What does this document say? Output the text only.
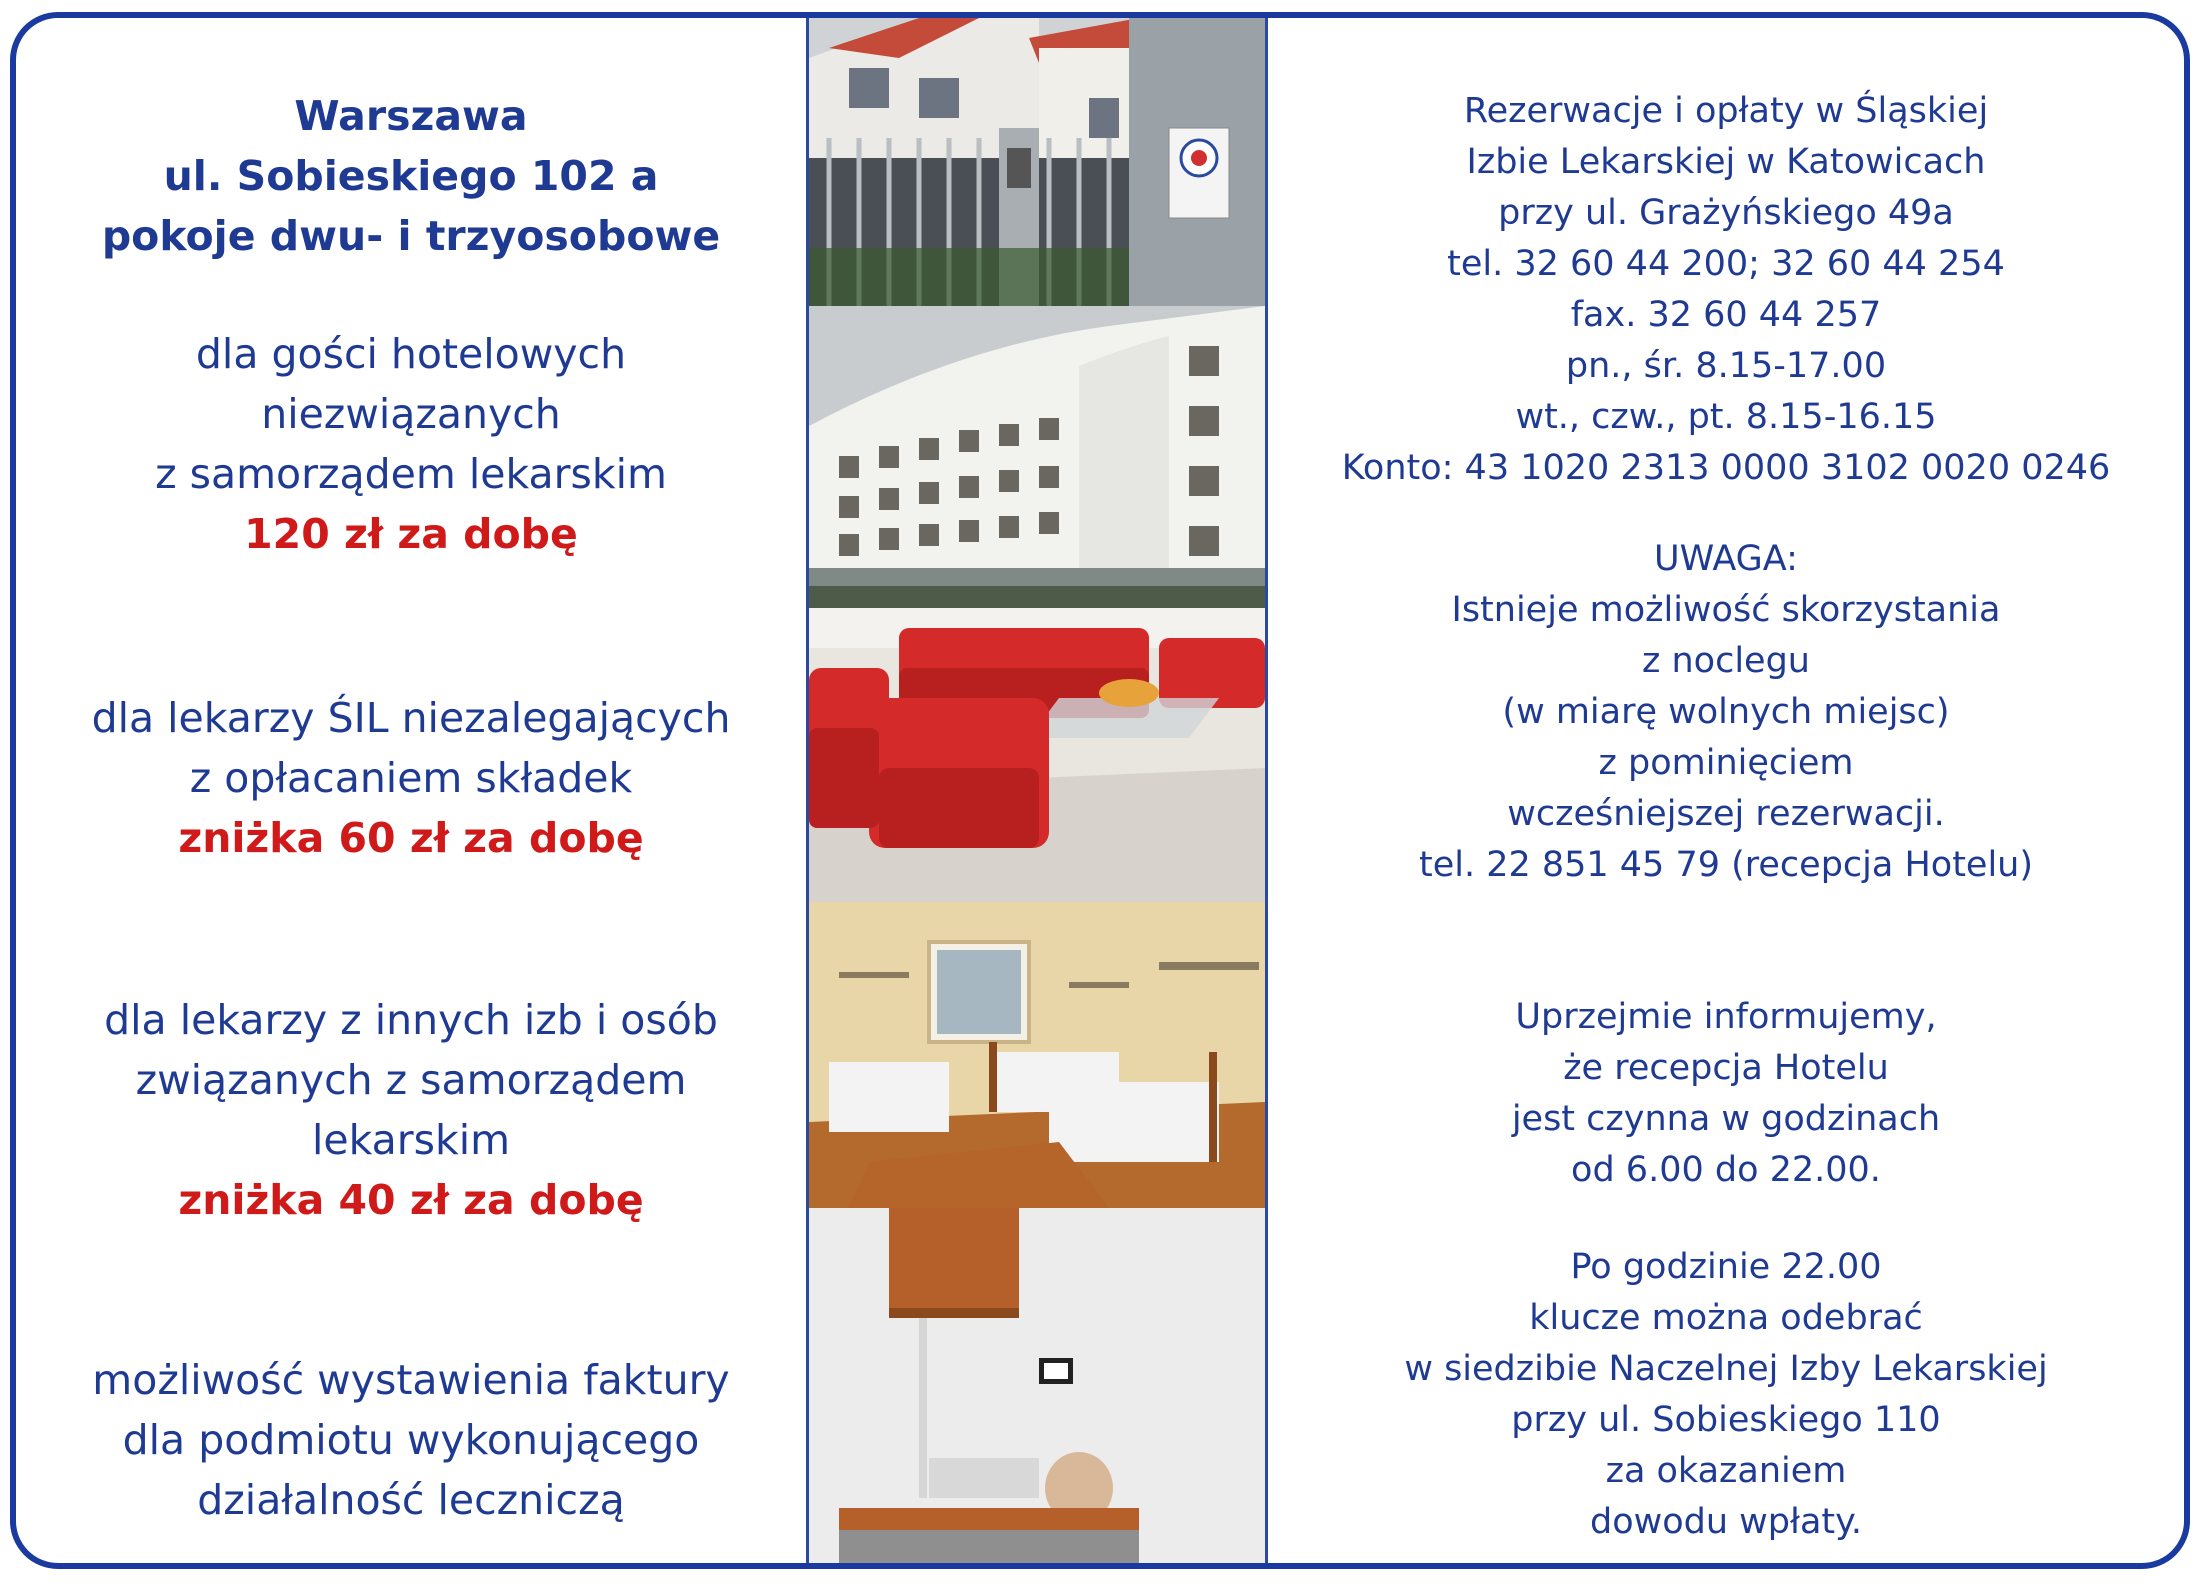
Warszawa
ul. Sobieskiego 102 a
pokoje dwu- i trzyosobowe
dla gości hotelowych
niezwiązanych
z samorządem lekarskim
120 zł za dobę
dla lekarzy ŚIL niezalegających
z opłacaniem składek
zniżka 60 zł za dobę
dla lekarzy z innych izb i osób
związanych z samorządem
lekarskim
zniżka 40 zł za dobę
możliwość wystawienia faktury
dla podmiotu wykonującego
działalność leczniczą
Rezerwacje i opłaty w Śląskiej
Izbie Lekarskiej w Katowicach
przy ul. Grażyńskiego 49a
tel. 32 60 44 200; 32 60 44 254
fax. 32 60 44 257
pn., śr. 8.15-17.00
wt., czw., pt. 8.15-16.15
Konto: 43 1020 2313 0000 3102 0020 0246
UWAGA:
Istnieje możliwość skorzystania
z noclegu
(w miarę wolnych miejsc)
z pominięciem
wcześniejszej rezerwacji.
tel. 22 851 45 79 (recepcja Hotelu)
Uprzejmie informujemy,
że recepcja Hotelu
jest czynna w godzinach
od 6.00 do 22.00.
Po godzinie 22.00
klucze można odebrać
w siedzibie Naczelnej Izby Lekarskiej
przy ul. Sobieskiego 110
za okazaniem
dowodu wpłaty.
